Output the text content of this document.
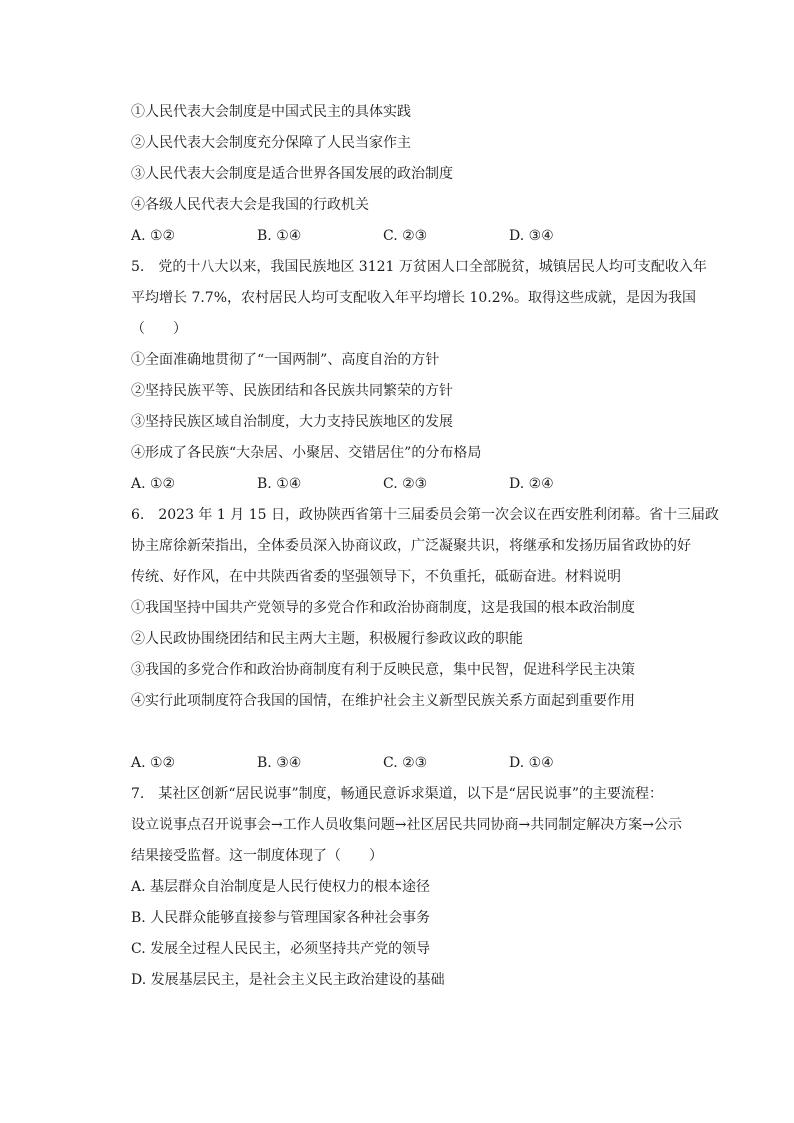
①人民代表大会制度是中国式民主的具体实践
②人民代表大会制度充分保障了人民当家作主
③人民代表大会制度是适合世界各国发展的政治制度
④各级人民代表大会是我国的行政机关
A. ①②	B. ①④	C. ②③	D. ③④
5.　党的十八大以来，我国民族地区 3121 万贫困人口全部脱贫，城镇居民人均可支配收入年
平均增长 7.7%，农村居民人均可支配收入年平均增长 10.2%。取得这些成就，是因为我国
（　　）
①全面准确地贯彻了“一国两制”、高度自治的方针
②坚持民族平等、民族团结和各民族共同繁荣的方针
③坚持民族区域自治制度，大力支持民族地区的发展
④形成了各民族“大杂居、小聚居、交错居住”的分布格局
A. ①②	B. ①④	C. ②③	D. ②④
6.　2023 年 1 月 15 日，政协陕西省第十三届委员会第一次会议在西安胜利闭幕。省十三届政
协主席徐新荣指出，全体委员深入协商议政，广泛凝聚共识，将继承和发扬历届省政协的好
传统、好作风，在中共陕西省委的坚强领导下，不负重托，砥砺奋进。材料说明
①我国坚持中国共产党领导的多党合作和政治协商制度，这是我国的根本政治制度
②人民政协围绕团结和民主两大主题，积极履行参政议政的职能
③我国的多党合作和政治协商制度有利于反映民意，集中民智，促进科学民主决策
④实行此项制度符合我国的国情，在维护社会主义新型民族关系方面起到重要作用
A. ①②	B. ③④	C. ②③	D. ①④
7.　某社区创新“居民说事”制度，畅通民意诉求渠道，以下是“居民说事”的主要流程：
设立说事点召开说事会→工作人员收集问题→社区居民共同协商→共同制定解决方案→公示
结果接受监督。这一制度体现了（　　）
A. 基层群众自治制度是人民行使权力的根本途径
B. 人民群众能够直接参与管理国家各种社会事务
C. 发展全过程人民民主，必须坚持共产党的领导
D. 发展基层民主，是社会主义民主政治建设的基础
